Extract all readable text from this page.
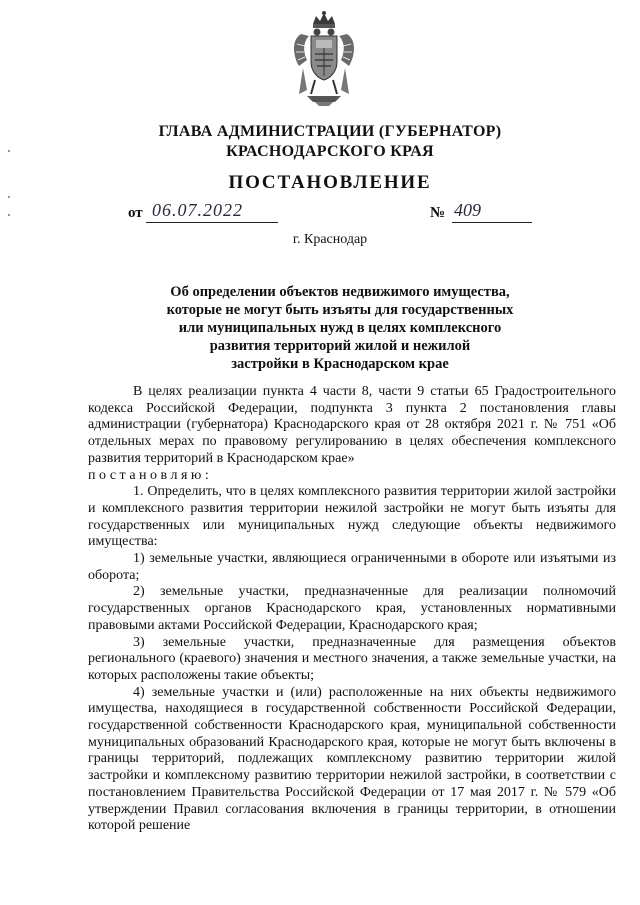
ГЛАВА АДМИНИСТРАЦИИ (ГУБЕРНАТОР)
КРАСНОДАРСКОГО КРАЯ
ПОСТАНОВЛЕНИЕ
от 06.07.2022	№ 409
г. Краснодар
Об определении объектов недвижимого имущества,
которые не могут быть изъяты для государственных
или муниципальных нужд в целях комплексного
развития территорий жилой и нежилой
застройки в Краснодарском крае

В целях реализации пункта 4 части 8, части 9 статьи 65 Градостроительного кодекса Российской Федерации, подпункта 3 пункта 2 постановления главы администрации (губернатора) Краснодарского края от 28 октября 2021 г. № 751 «Об отдельных мерах по правовому регулированию в целях обеспечения комплексного развития территорий в Краснодарском крае»

постановляю:

1. Определить, что в целях комплексного развития территории жилой застройки и комплексного развития территории нежилой застройки не могут быть изъяты для государственных или муниципальных нужд следующие объекты недвижимого имущества:

1) земельные участки, являющиеся ограниченными в обороте или изъятыми из оборота;

2) земельные участки, предназначенные для реализации полномочий государственных органов Краснодарского края, установленных нормативными правовыми актами Российской Федерации, Краснодарского края;

3) земельные участки, предназначенные для размещения объектов регионального (краевого) значения и местного значения, а также земельные участки, на которых расположены такие объекты;

4) земельные участки и (или) расположенные на них объекты недвижимого имущества, находящиеся в государственной собственности Российской Федерации, государственной собственности Краснодарского края, муниципальной собственности муниципальных образований Краснодарского края, которые не могут быть включены в границы территорий, подлежащих комплексному развитию территории жилой застройки и комплексному развитию территории нежилой застройки, в соответствии с постановлением Правительства Российской Федерации от 17 мая 2017 г. № 579 «Об утверждении Правил согласования включения в границы территории, в отношении которой решение
